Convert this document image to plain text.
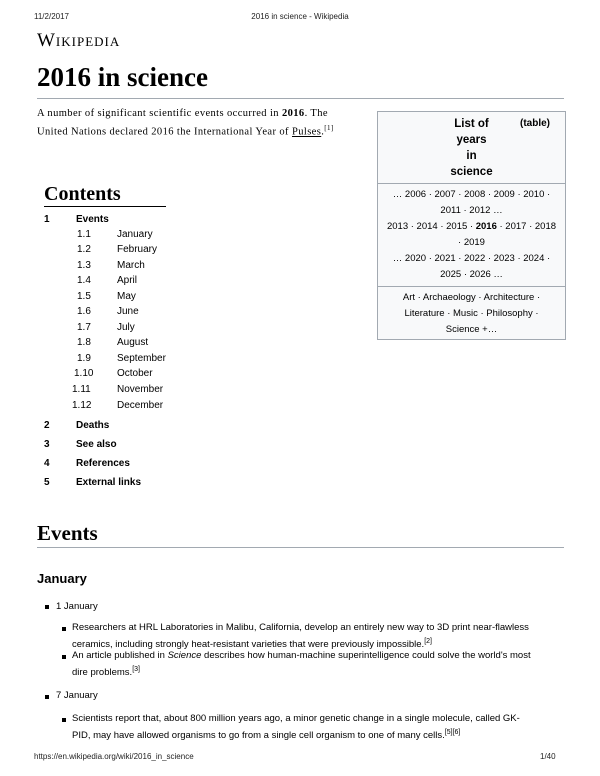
11/2/2017	2016 in science - Wikipedia
Wikipedia
2016 in science
A number of significant scientific events occurred in 2016. The
United Nations declared 2016 the International Year of Pulses.[1]	List of
years
in
science
(table)
… 2006 · 2007 · 2008 · 2009 · 2010 ·
2011 · 2012 …
2013 · 2014 · 2015 · 2016 · 2017 · 2018
· 2019
… 2020 · 2021 · 2022 · 2023 · 2024 ·
2025 · 2026 …
Art · Archaeology · Architecture ·
Literature · Music · Philosophy ·
Science +…
Contents
1	Events
1.1	January
1.2	February
1.3	March
1.4	April
1.5	May
1.6	June
1.7	July
1.8	August
1.9	September
1.10 October
1.11	November
1.12	December
2	Deaths
3	See also
4	References
5	External links
Events
January
1 January
Researchers at HRL Laboratories in Malibu, California, develop an entirely new way to 3D print near-flawless
ceramics, including strongly heat-resistant varieties that were previously impossible.[2]
An article published in Science describes how human-machine superintelligence could solve the world's most
dire problems.[3]
7 January
Scientists report that, about 800 million years ago, a minor genetic change in a single molecule, called GK-
PID, may have allowed organisms to go from a single cell organism to one of many cells.[5][6]
https://en.wikipedia.org/wiki/2016_in_science	1/40
